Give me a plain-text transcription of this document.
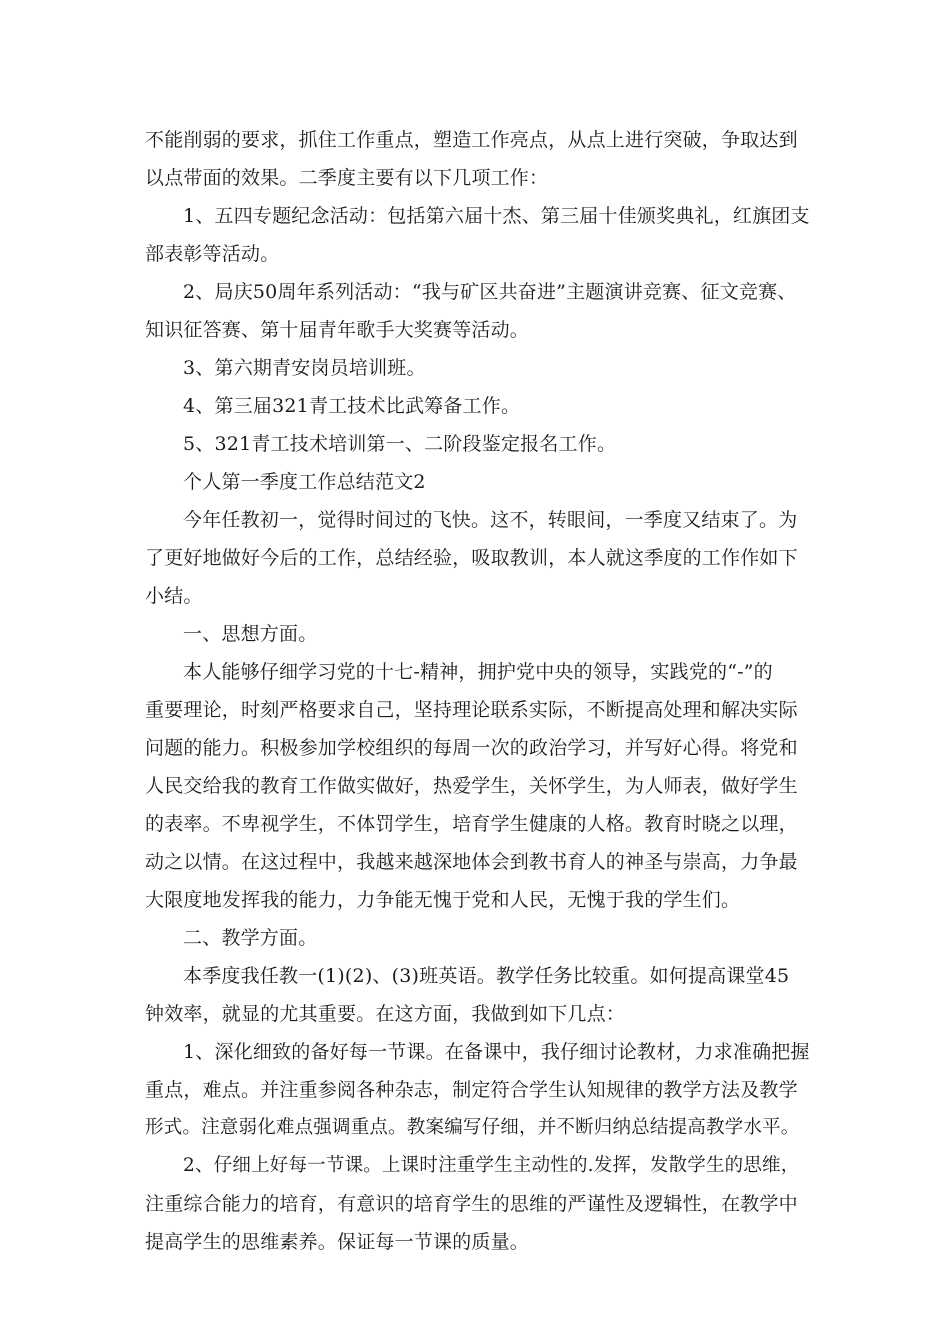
不能削弱的要求，抓住工作重点，塑造工作亮点，从点上进行突破，争取达到
以点带面的效果。二季度主要有以下几项工作：
1、五四专题纪念活动：包括第六届十杰、第三届十佳颁奖典礼，红旗团支
部表彰等活动。
2、局庆50周年系列活动：“我与矿区共奋进”主题演讲竞赛、征文竞赛、
知识征答赛、第十届青年歌手大奖赛等活动。
3、第六期青安岗员培训班。
4、第三届321青工技术比武筹备工作。
5、321青工技术培训第一、二阶段鉴定报名工作。
个人第一季度工作总结范文2
今年任教初一，觉得时间过的飞快。这不，转眼间，一季度又结束了。为
了更好地做好今后的工作，总结经验，吸取教训，本人就这季度的工作作如下
小结。
一、思想方面。
本人能够仔细学习党的十七-精神，拥护党中央的领导，实践党的“-”的
重要理论，时刻严格要求自己，坚持理论联系实际，不断提高处理和解决实际
问题的能力。积极参加学校组织的每周一次的政治学习，并写好心得。将党和
人民交给我的教育工作做实做好，热爱学生，关怀学生，为人师表，做好学生
的表率。不卑视学生，不体罚学生，培育学生健康的人格。教育时晓之以理，
动之以情。在这过程中，我越来越深地体会到教书育人的神圣与崇高，力争最
大限度地发挥我的能力，力争能无愧于党和人民，无愧于我的学生们。
二、教学方面。
本季度我任教一(1)(2)、(3)班英语。教学任务比较重。如何提高课堂45
钟效率，就显的尤其重要。在这方面，我做到如下几点：
1、深化细致的备好每一节课。在备课中，我仔细讨论教材，力求准确把握
重点，难点。并注重参阅各种杂志，制定符合学生认知规律的教学方法及教学
形式。注意弱化难点强调重点。教案编写仔细，并不断归纳总结提高教学水平。
2、仔细上好每一节课。上课时注重学生主动性的.发挥，发散学生的思维，
注重综合能力的培育，有意识的培育学生的思维的严谨性及逻辑性，在教学中
提高学生的思维素养。保证每一节课的质量。
